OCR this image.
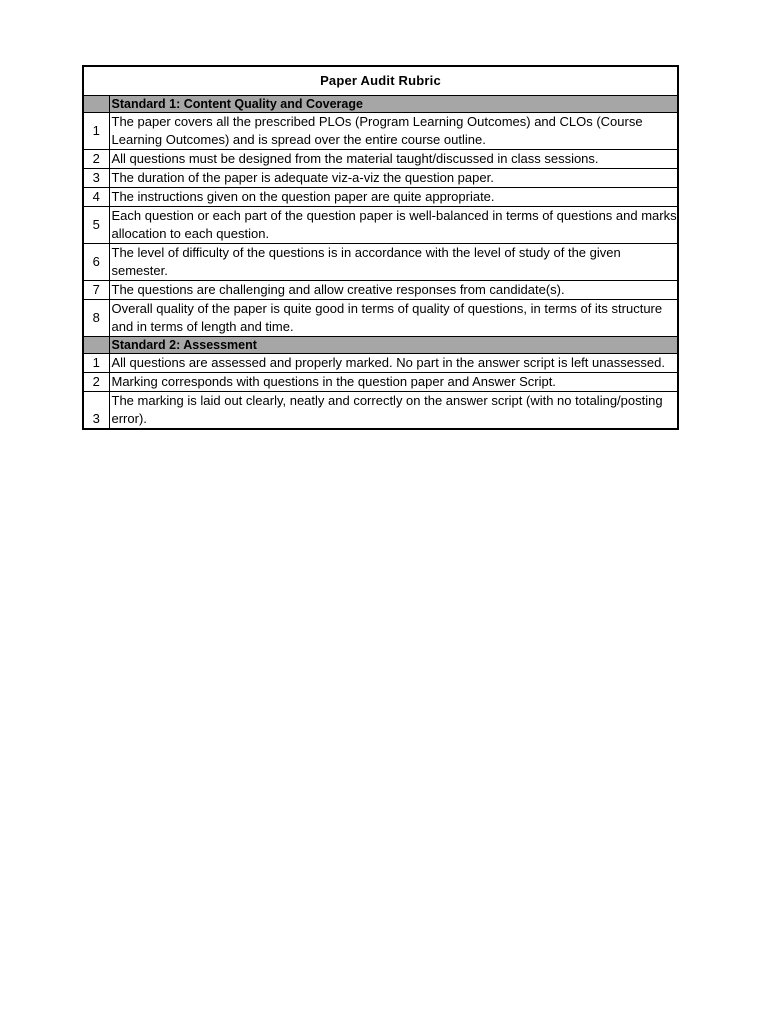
Paper Audit Rubric	
	Standard 1: Content Quality and Coverage
1	The paper covers all the prescribed PLOs (Program Learning Outcomes) and CLOs (Course Learning Outcomes) and is spread over the entire course outline.
2	All questions must be designed from the material taught/discussed in class sessions.
3	The duration of the paper is adequate viz-a-viz the question paper.
4	The instructions given on the question paper are quite appropriate.
5	Each question or each part of the question paper is well-balanced in terms of questions and marks allocation to each question.
6	The level of difficulty of the questions is in accordance with the level of study of the given semester.
7	The questions are challenging and allow creative responses from candidate(s).
8	Overall quality of the paper is quite good in terms of quality of questions, in terms of its structure and in terms of length and time.
	Standard 2: Assessment
1	All questions are assessed and properly marked. No part in the answer script is left unassessed.
2	Marking corresponds with questions in the question paper and Answer Script.
3	The marking is laid out clearly, neatly and correctly on the answer script (with no totaling/posting error).
